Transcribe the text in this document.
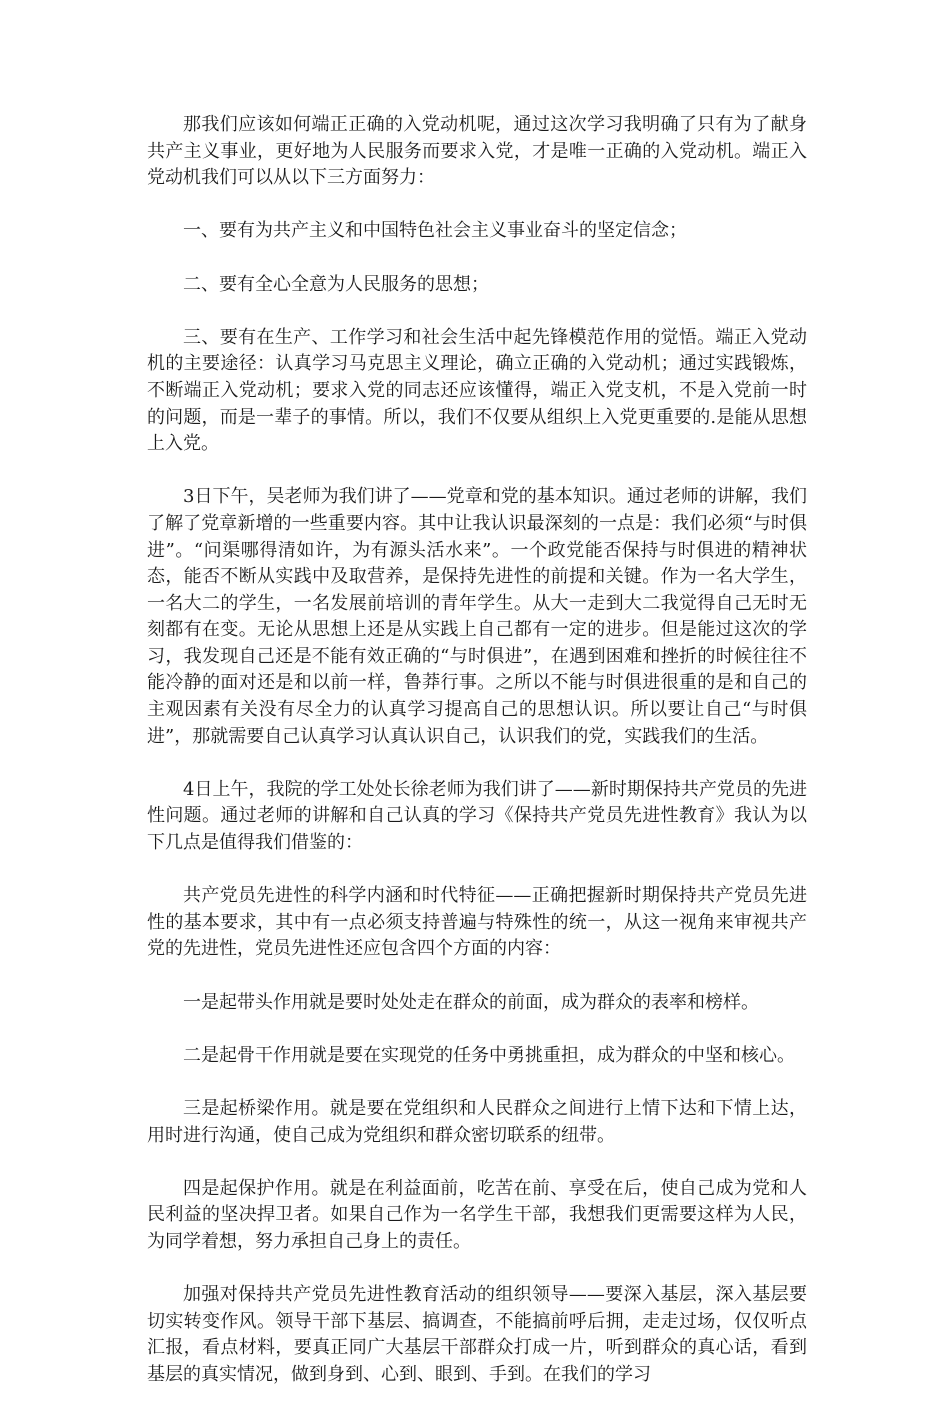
那我们应该如何端正正确的入党动机呢，通过这次学习我明确了只有为了献身共产主义事业，更好地为人民服务而要求入党，才是唯一正确的入党动机。端正入党动机我们可以从以下三方面努力：

一、要有为共产主义和中国特色社会主义事业奋斗的坚定信念；

二、要有全心全意为人民服务的思想；

三、要有在生产、工作学习和社会生活中起先锋模范作用的觉悟。端正入党动机的主要途径：认真学习马克思主义理论，确立正确的入党动机；通过实践锻炼，不断端正入党动机；要求入党的同志还应该懂得，端正入党支机，不是入党前一时的问题，而是一辈子的事情。所以，我们不仅要从组织上入党更重要的.是能从思想上入党。

3日下午，吴老师为我们讲了——党章和党的基本知识。通过老师的讲解，我们了解了党章新增的一些重要内容。其中让我认识最深刻的一点是：我们必须“与时俱进”。“问渠哪得清如许，为有源头活水来”。一个政党能否保持与时俱进的精神状态，能否不断从实践中及取营养，是保持先进性的前提和关键。作为一名大学生，一名大二的学生，一名发展前培训的青年学生。从大一走到大二我觉得自己无时无刻都有在变。无论从思想上还是从实践上自己都有一定的进步。但是能过这次的学习，我发现自己还是不能有效正确的“与时俱进”，在遇到困难和挫折的时候往往不能冷静的面对还是和以前一样，鲁莽行事。之所以不能与时俱进很重的是和自己的主观因素有关没有尽全力的认真学习提高自己的思想认识。所以要让自己“与时俱进”，那就需要自己认真学习认真认识自己，认识我们的党，实践我们的生活。

4日上午，我院的学工处处长徐老师为我们讲了——新时期保持共产党员的先进性问题。通过老师的讲解和自己认真的学习《保持共产党员先进性教育》我认为以下几点是值得我们借鉴的：

共产党员先进性的科学内涵和时代特征——正确把握新时期保持共产党员先进性的基本要求，其中有一点必须支持普遍与特殊性的统一，从这一视角来审视共产党的先进性，党员先进性还应包含四个方面的内容：

一是起带头作用就是要时处处走在群众的前面，成为群众的表率和榜样。

二是起骨干作用就是要在实现党的任务中勇挑重担，成为群众的中坚和核心。

三是起桥梁作用。就是要在党组织和人民群众之间进行上情下达和下情上达，用时进行沟通，使自己成为党组织和群众密切联系的纽带。

四是起保护作用。就是在利益面前，吃苦在前、享受在后，使自己成为党和人民利益的坚决捍卫者。如果自己作为一名学生干部，我想我们更需要这样为人民，为同学着想，努力承担自己身上的责任。

加强对保持共产党员先进性教育活动的组织领导——要深入基层，深入基层要切实转变作风。领导干部下基层、搞调查，不能搞前呼后拥，走走过场，仅仅听点汇报，看点材料，要真正同广大基层干部群众打成一片，听到群众的真心话，看到基层的真实情况，做到身到、心到、眼到、手到。在我们的学习
